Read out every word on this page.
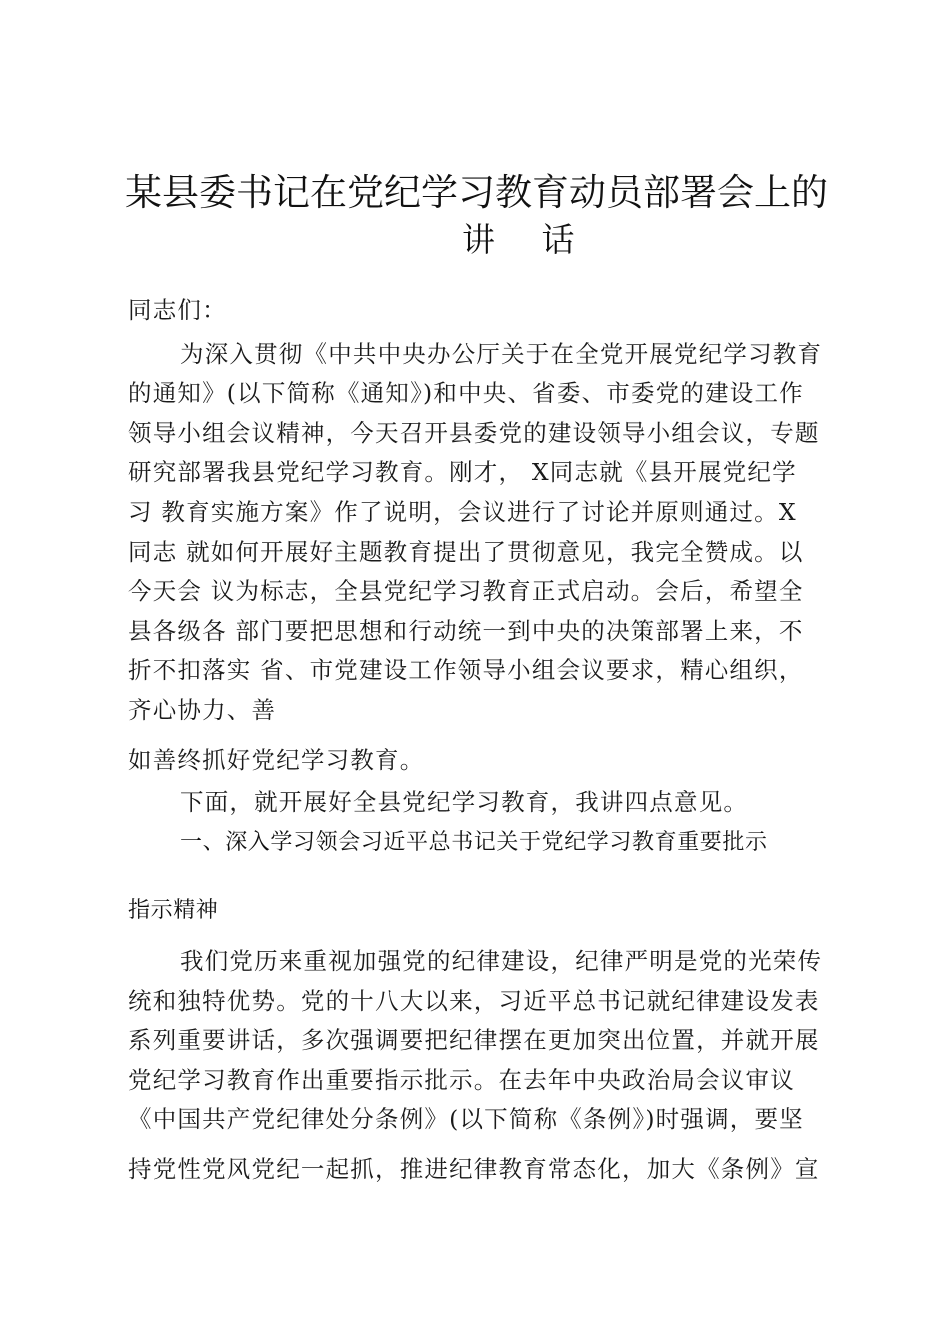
某县委书记在党纪学习教育动员部署会上的
讲 话
同志们：
为深入贯彻《中共中央办公厅关于在全党开展党纪学习教育
的通知》(以下简称《通知》)和中央、省委、市委党的建设工作
领导小组会议精神，今天召开县委党的建设领导小组会议，专题
研究部署我县党纪学习教育。刚才， X同志就《县开展党纪学
习 教育实施方案》作了说明，会议进行了讨论并原则通过。X
同志 就如何开展好主题教育提出了贯彻意见，我完全赞成。以
今天会 议为标志，全县党纪学习教育正式启动。会后，希望全
县各级各 部门要把思想和行动统一到中央的决策部署上来，不
折不扣落实 省、市党建设工作领导小组会议要求，精心组织，
齐心协力、善
如善终抓好党纪学习教育。
下面，就开展好全县党纪学习教育，我讲四点意见。
一、深入学习领会习近平总书记关于党纪学习教育重要批示
指示精神
我们党历来重视加强党的纪律建设，纪律严明是党的光荣传
统和独特优势。党的十八大以来，习近平总书记就纪律建设发表
系列重要讲话，多次强调要把纪律摆在更加突出位置，并就开展
党纪学习教育作出重要指示批示。在去年中央政治局会议审议
《中国共产党纪律处分条例》(以下简称《条例》)时强调，要坚
持党性党风党纪一起抓，推进纪律教育常态化，加大《条例》宣
